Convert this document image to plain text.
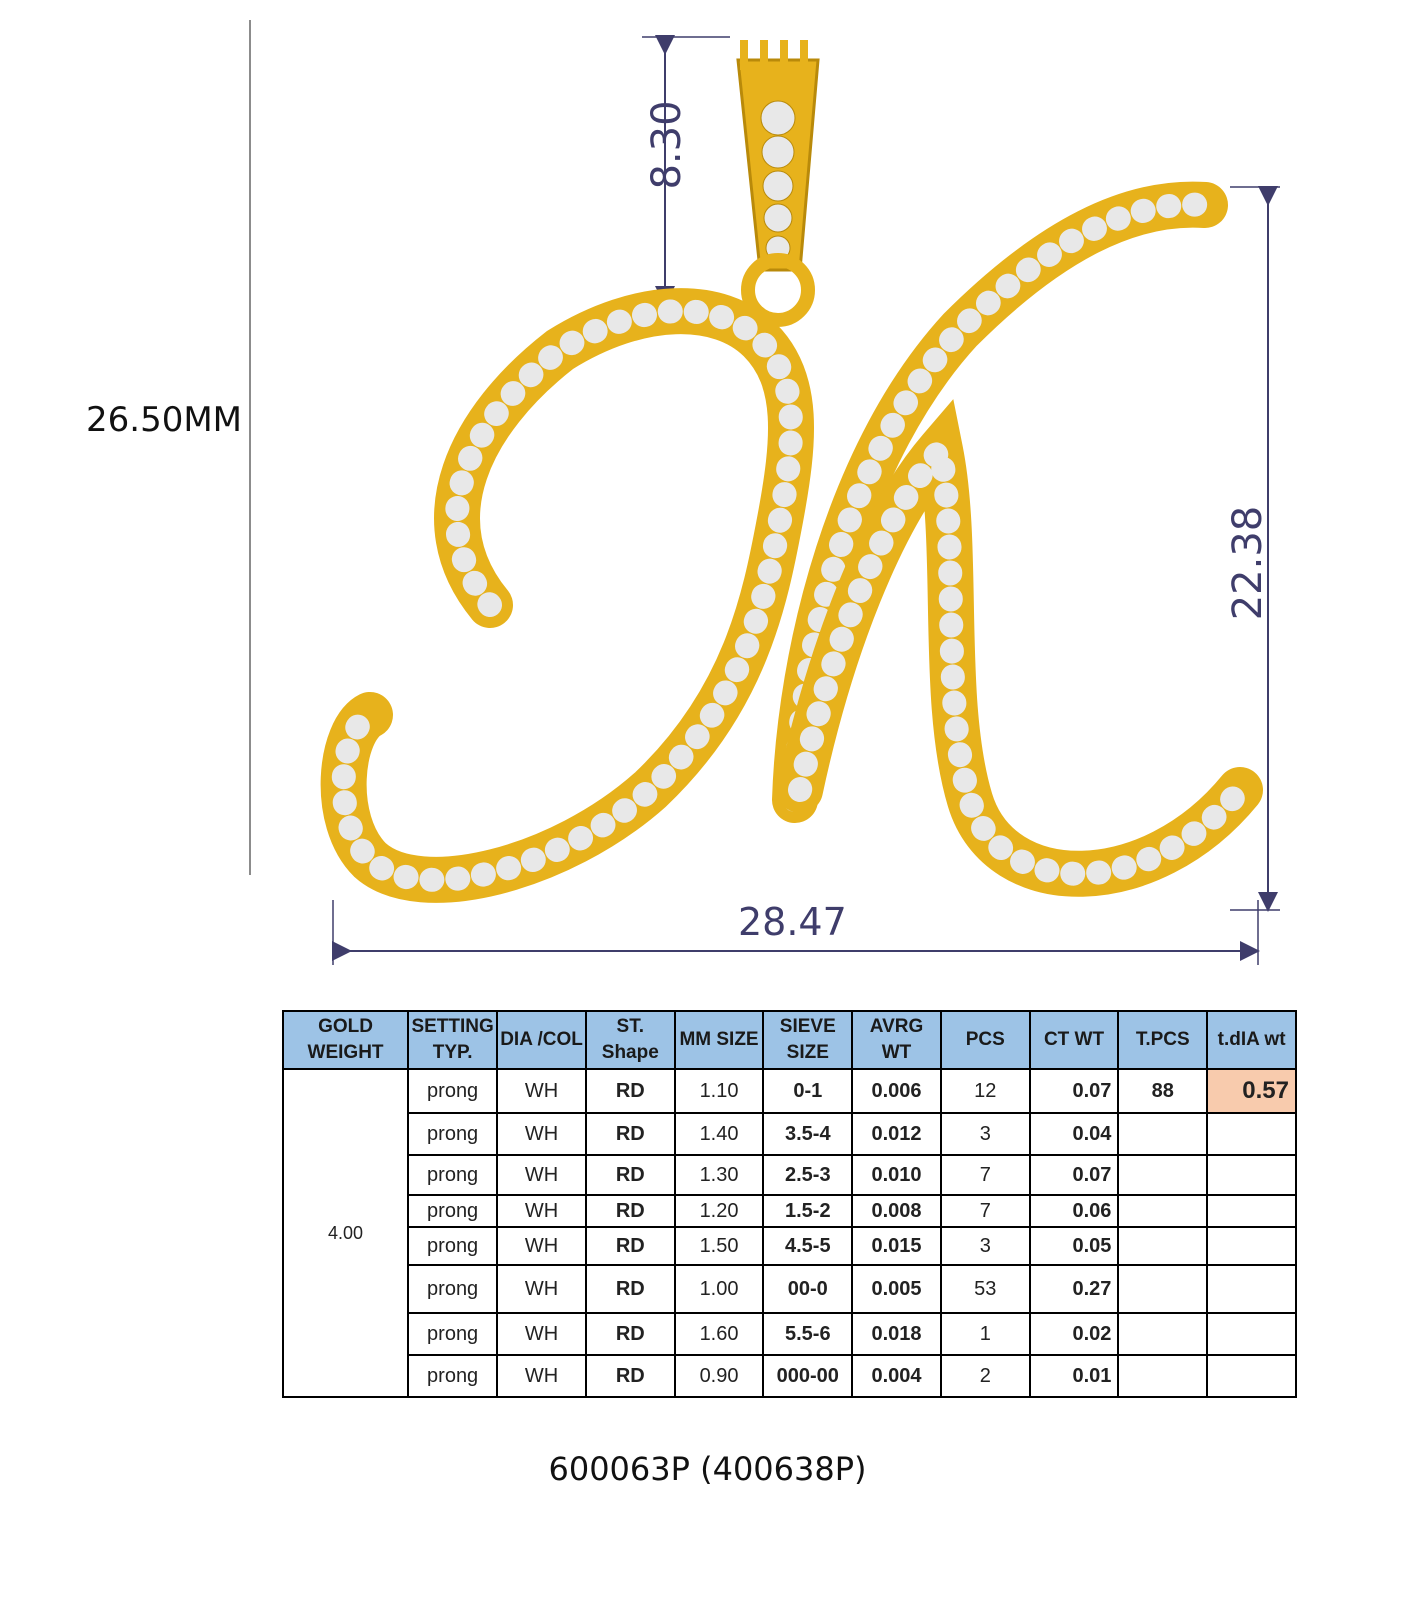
26.50MM
28.47
8.30
22.38
GOLD WEIGHT	SETTING TYP.	DIA /COL	ST. Shape	MM SIZE	SIEVE SIZE	AVRG WT	PCS	CT WT	T.PCS	t.dIA wt
4.00	prong	WH	RD	1.10	0-1	0.006	12	0.07	88	0.57
	prong	WH	RD	1.40	3.5-4	0.012	3	0.04		
	prong	WH	RD	1.30	2.5-3	0.010	7	0.07		
	prong	WH	RD	1.20	1.5-2	0.008	7	0.06		
	prong	WH	RD	1.50	4.5-5	0.015	3	0.05		
	prong	WH	RD	1.00	00-0	0.005	53	0.27		
	prong	WH	RD	1.60	5.5-6	0.018	1	0.02		
	prong	WH	RD	0.90	000-00	0.004	2	0.01		
600063P (400638P)
